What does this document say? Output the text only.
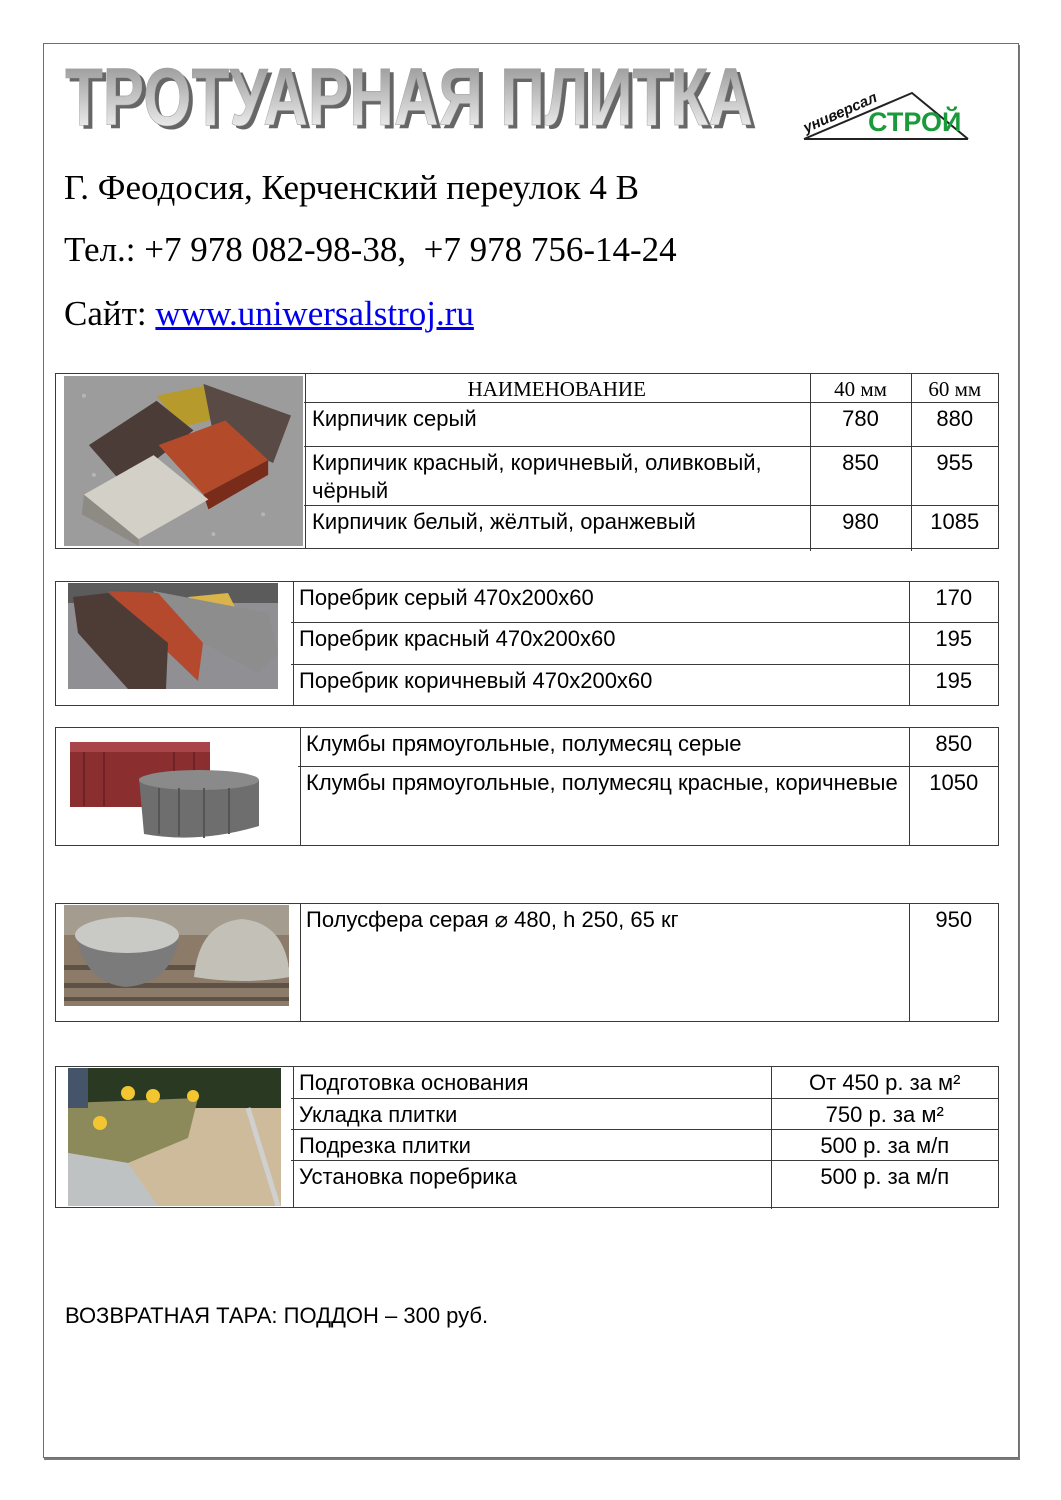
ТРОТУАРНАЯ ПЛИТКА
ТРОТУАРНАЯ ПЛИТКА	универсал
СТРОЙ
Г. Феодосия, Керченский переулок 4 В
Тел.: +7 978 082-98-38,  +7 978 756-14-24
Сайт: www.uniwersalstroj.ru
НАИМЕНОВАНИЕ	40 мм	60 мм
Кирпичик серый	780	880
Кирпичик красный, коричневый, оливковый, чёрный	850	955
Кирпичик белый, жёлтый, оранжевый	980	1085
Поребрик серый 470х200х60	170
Поребрик красный 470х200х60	195
Поребрик коричневый 470х200х60	195
Клумбы прямоугольные, полумесяц серые	850
Клумбы прямоугольные, полумесяц красные, коричневые	1050
Полусфера серая ⌀ 480, h 250, 65 кг	950
Подготовка основания	От 450 р. за м²
Укладка плитки	750 р. за м²
Подрезка плитки	500 р. за м/п
Установка поребрика	500 р. за м/п
ВОЗВРАТНАЯ ТАРА: ПОДДОН – 300 руб.
